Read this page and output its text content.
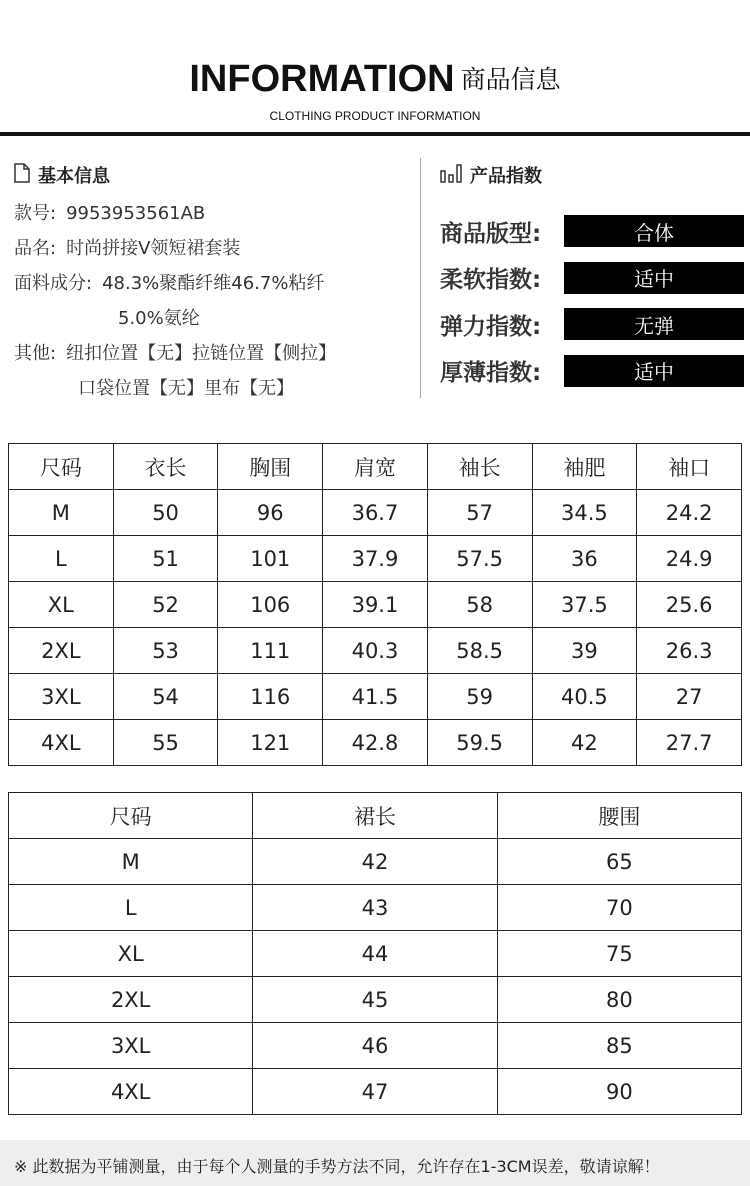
INFORMATION 商品信息
CLOTHING PRODUCT INFORMATION
基本信息
款号: 9953953561AB
品名: 时尚拼接V领短裙套装
面料成分: 48.3%聚酯纤维46.7%粘纤
5.0%氨纶
其他: 纽扣位置【无】拉链位置【侧拉】
口袋位置【无】里布【无】
产品指数
商品版型:	合体
柔软指数:	适中
弹力指数:	无弹
厚薄指数:	适中
尺码	衣长	胸围	肩宽	袖长	袖肥	袖口
M	50	96	36.7	57	34.5	24.2
L	51	101	37.9	57.5	36	24.9
XL	52	106	39.1	58	37.5	25.6
2XL	53	111	40.3	58.5	39	26.3
3XL	54	116	41.5	59	40.5	27
4XL	55	121	42.8	59.5	42	27.7
尺码	裙长	腰围
M	42	65
L	43	70
XL	44	75
2XL	45	80
3XL	46	85
4XL	47	90
※ 此数据为平铺测量，由于每个人测量的手势方法不同，允许存在1-3CM误差，敬请谅解！
